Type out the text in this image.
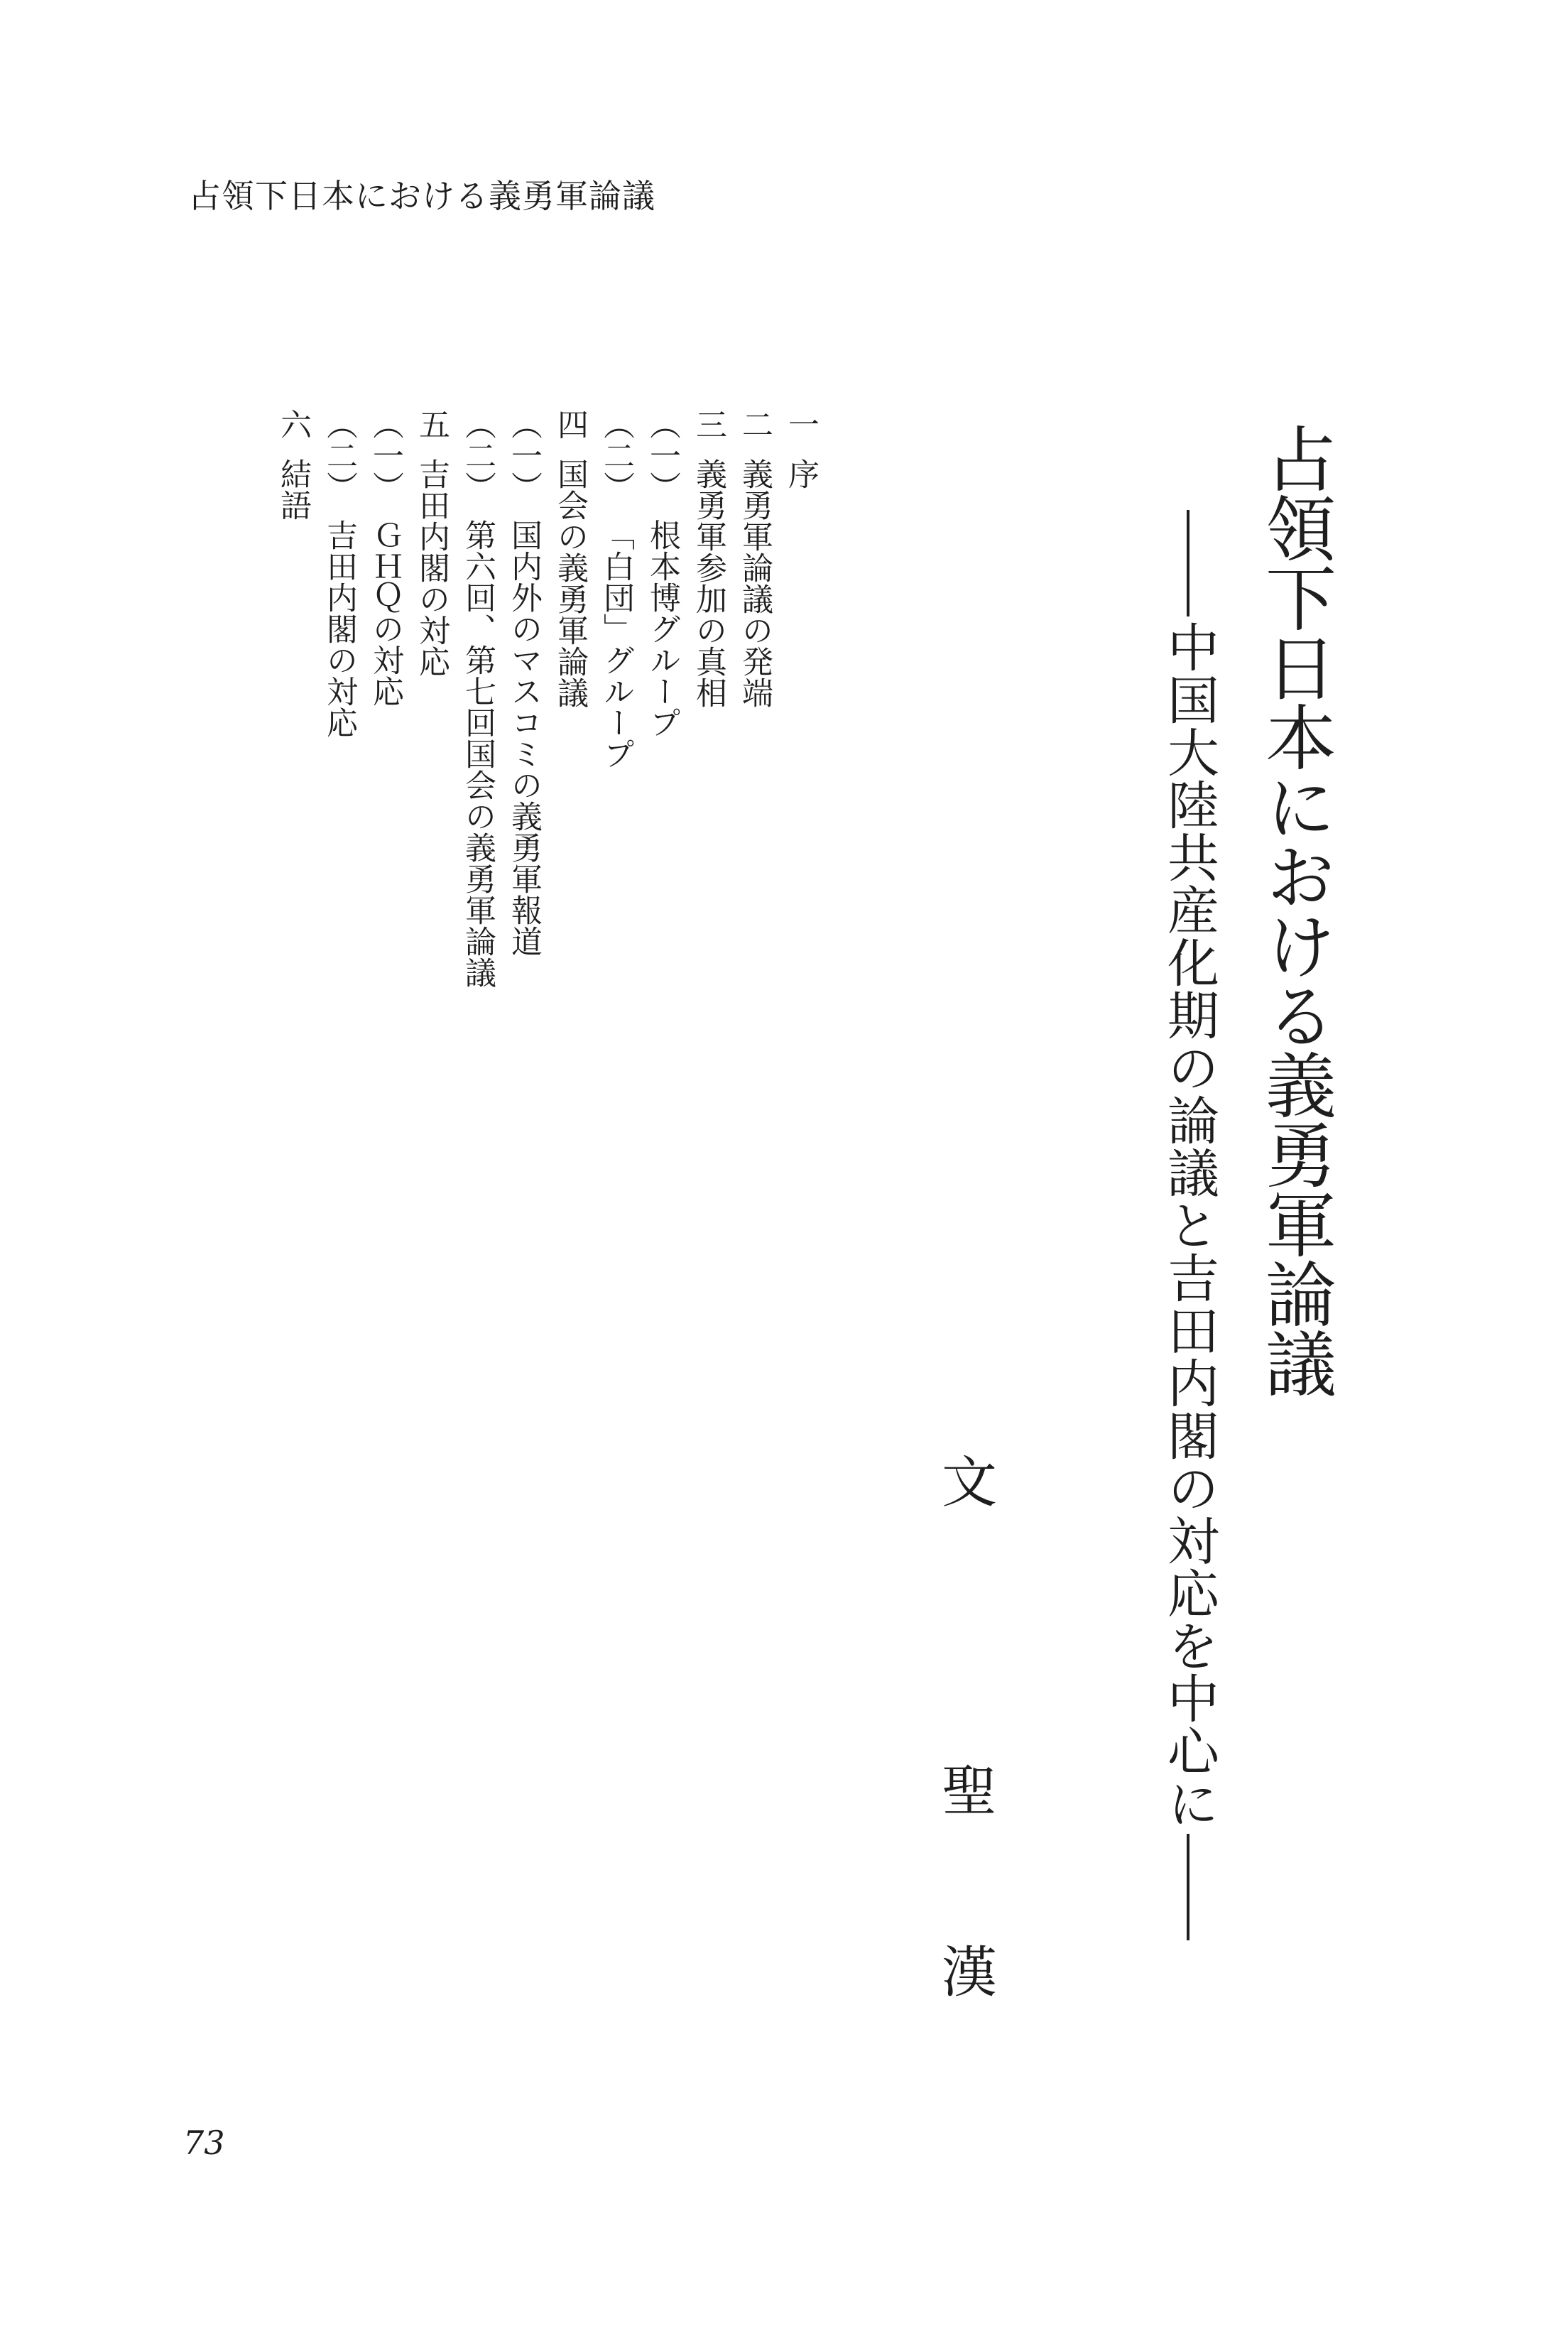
占領下日本における義勇軍論議
占領下日本における義勇軍論議
中国大陸共産化期の論議と吉田内閣の対応を中心に
文
聖
漢
一序
二義勇軍論議の発端
三義勇軍参加の真相
（一）根本博グループ
（二）「白団」グループ
四国会の義勇軍論議
（一）国内外のマスコミの義勇軍報道
（二）第六回、第七回国会の義勇軍論議
五吉田内閣の対応
（一）ＧＨＱの対応
（二）吉田内閣の対応
六結語
73
